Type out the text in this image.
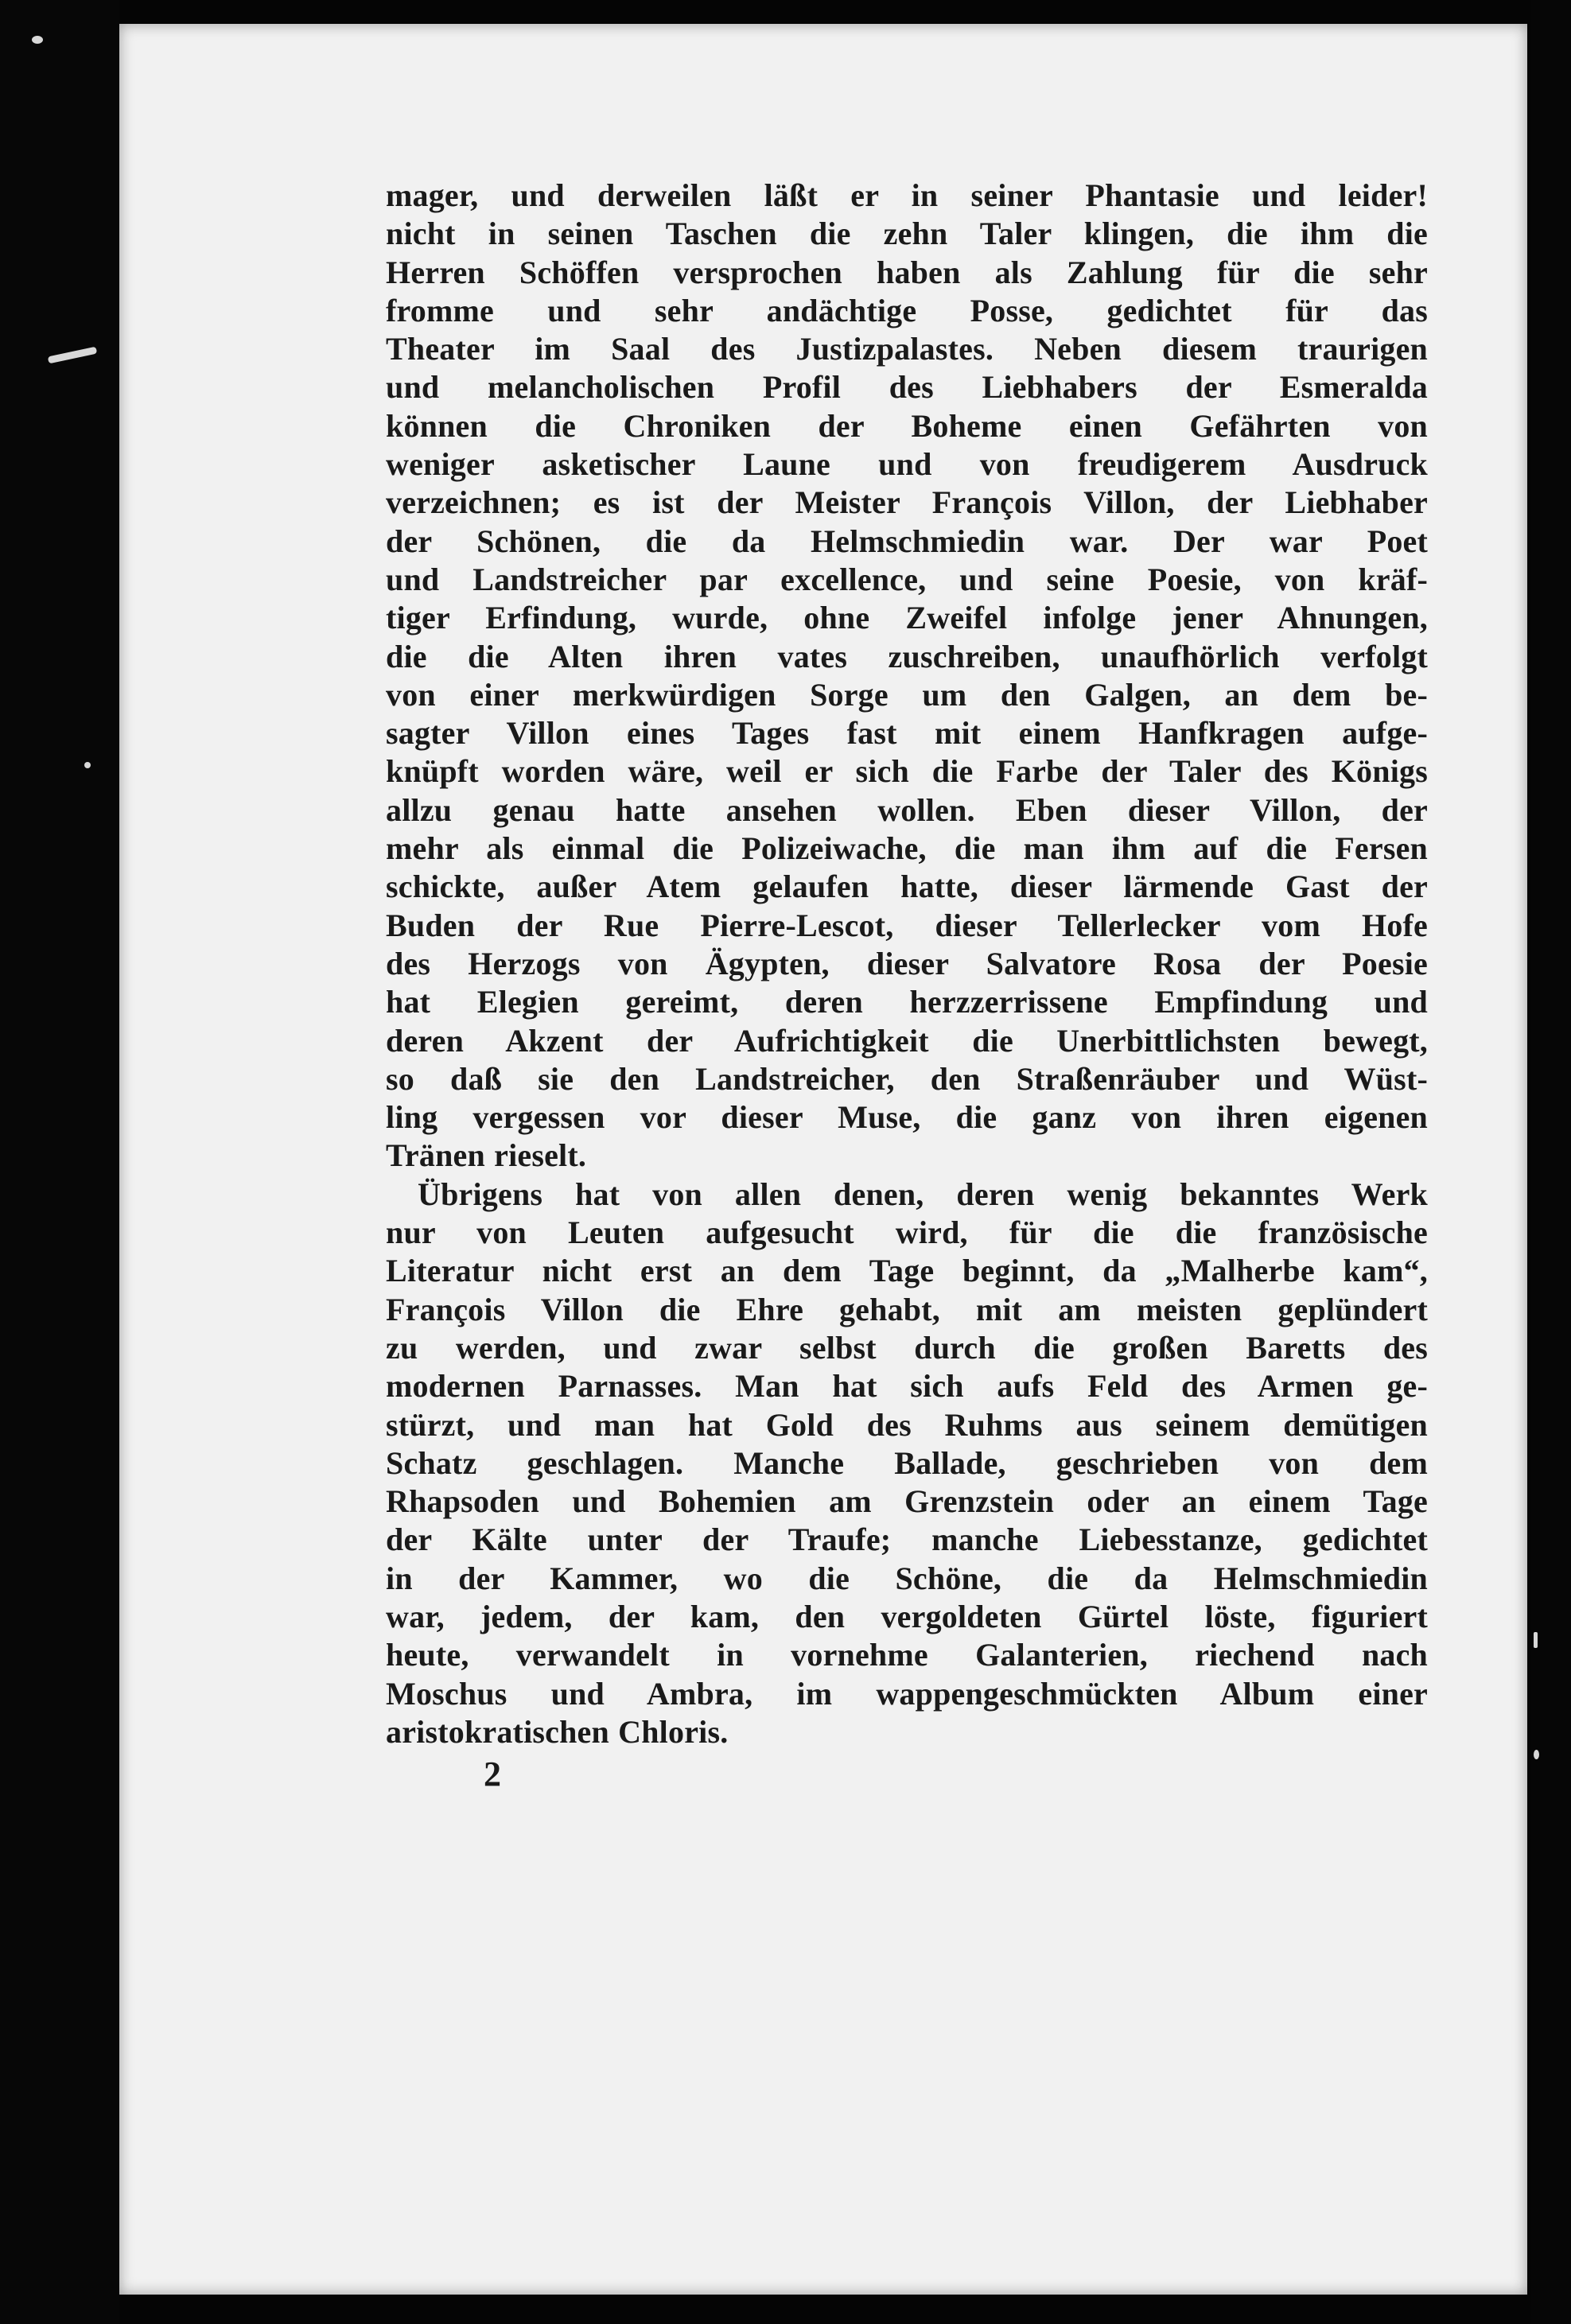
mager, und derweilen läßt er in seiner Phantasie und leider!
nicht in seinen Taschen die zehn Taler klingen, die ihm die
Herren Schöffen versprochen haben als Zahlung für die sehr
fromme und sehr andächtige Posse, gedichtet für das
Theater im Saal des Justizpalastes. Neben diesem traurigen
und melancholischen Profil des Liebhabers der Esmeralda
können die Chroniken der Boheme einen Gefährten von
weniger asketischer Laune und von freudigerem Ausdruck
verzeichnen; es ist der Meister François Villon, der Liebhaber
der Schönen, die da Helmschmiedin war. Der war Poet
und Landstreicher par excellence, und seine Poesie, von kräf-
tiger Erfindung, wurde, ohne Zweifel infolge jener Ahnungen,
die die Alten ihren vates zuschreiben, unaufhörlich verfolgt
von einer merkwürdigen Sorge um den Galgen, an dem be-
sagter Villon eines Tages fast mit einem Hanfkragen aufge-
knüpft worden wäre, weil er sich die Farbe der Taler des Königs
allzu genau hatte ansehen wollen. Eben dieser Villon, der
mehr als einmal die Polizeiwache, die man ihm auf die Fersen
schickte, außer Atem gelaufen hatte, dieser lärmende Gast der
Buden der Rue Pierre-Lescot, dieser Tellerlecker vom Hofe
des Herzogs von Ägypten, dieser Salvatore Rosa der Poesie
hat Elegien gereimt, deren herzzerrissene Empfindung und
deren Akzent der Aufrichtigkeit die Unerbittlichsten bewegt,
so daß sie den Landstreicher, den Straßenräuber und Wüst-
ling vergessen vor dieser Muse, die ganz von ihren eigenen
Tränen rieselt.
Übrigens hat von allen denen, deren wenig bekanntes Werk
nur von Leuten aufgesucht wird, für die die französische
Literatur nicht erst an dem Tage beginnt, da „Malherbe kam“,
François Villon die Ehre gehabt, mit am meisten geplündert
zu werden, und zwar selbst durch die großen Baretts des
modernen Parnasses. Man hat sich aufs Feld des Armen ge-
stürzt, und man hat Gold des Ruhms aus seinem demütigen
Schatz geschlagen. Manche Ballade, geschrieben von dem
Rhapsoden und Bohemien am Grenzstein oder an einem Tage
der Kälte unter der Traufe; manche Liebesstanze, gedichtet
in der Kammer, wo die Schöne, die da Helmschmiedin
war, jedem, der kam, den vergoldeten Gürtel löste, figuriert
heute, verwandelt in vornehme Galanterien, riechend nach
Moschus und Ambra, im wappengeschmückten Album einer
aristokratischen Chloris.
2
